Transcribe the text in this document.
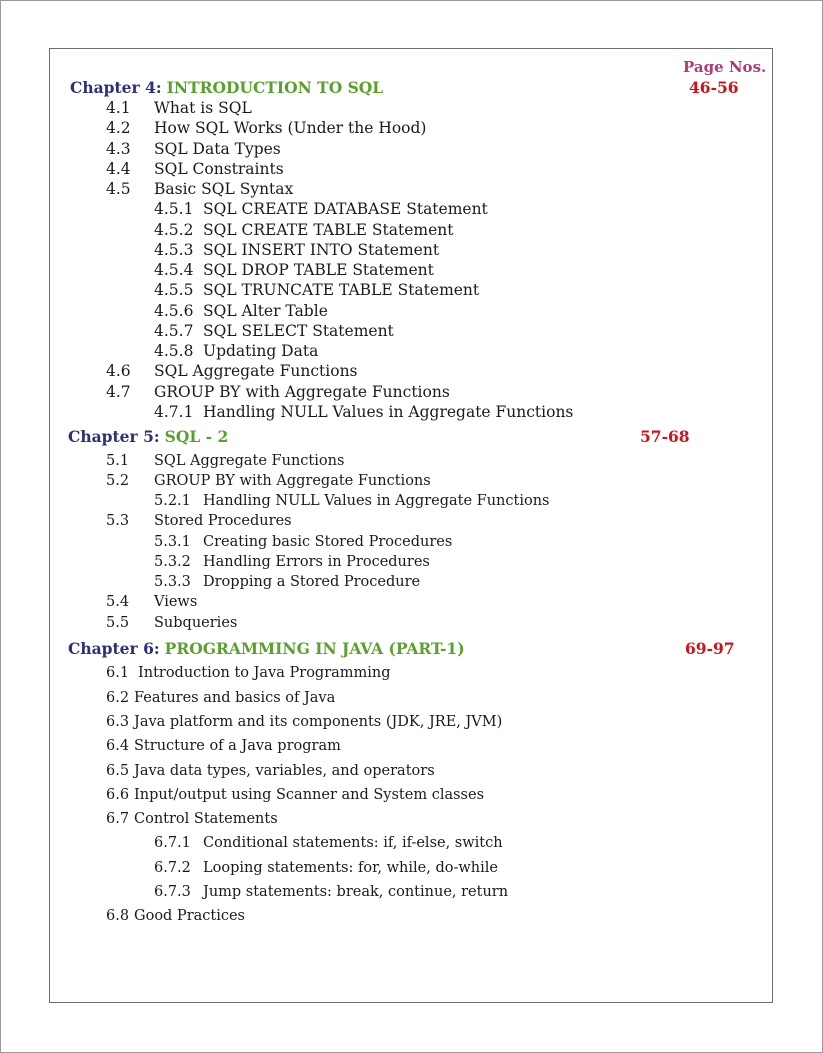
Page Nos.
Chapter 4: INTRODUCTION TO SQL	46-56
4.1 What is SQL
4.2 How SQL Works (Under the Hood)
4.3 SQL Data Types
4.4 SQL Constraints
4.5 Basic SQL Syntax
4.5.1 SQL CREATE DATABASE Statement
4.5.2 SQL CREATE TABLE Statement
4.5.3 SQL INSERT INTO Statement
4.5.4 SQL DROP TABLE Statement
4.5.5 SQL TRUNCATE TABLE Statement
4.5.6 SQL Alter Table
4.5.7 SQL SELECT Statement
4.5.8 Updating Data
4.6 SQL Aggregate Functions
4.7 GROUP BY with Aggregate Functions
4.7.1 Handling NULL Values in Aggregate Functions
Chapter 5: SQL - 2	57-68
5.1 SQL Aggregate Functions
5.2 GROUP BY with Aggregate Functions
5.2.1 Handling NULL Values in Aggregate Functions
5.3 Stored Procedures
5.3.1 Creating basic Stored Procedures
5.3.2 Handling Errors in Procedures
5.3.3 Dropping a Stored Procedure
5.4 Views
5.5 Subqueries
Chapter 6: PROGRAMMING IN JAVA (PART-1)	69-97
6.1 Introduction to Java Programming
6.2 Features and basics of Java
6.3 Java platform and its components (JDK, JRE, JVM)
6.4 Structure of a Java program
6.5 Java data types, variables, and operators
6.6 Input/output using Scanner and System classes
6.7 Control Statements
6.7.1 Conditional statements: if, if-else, switch
6.7.2 Looping statements: for, while, do-while
6.7.3 Jump statements: break, continue, return
6.8 Good Practices
